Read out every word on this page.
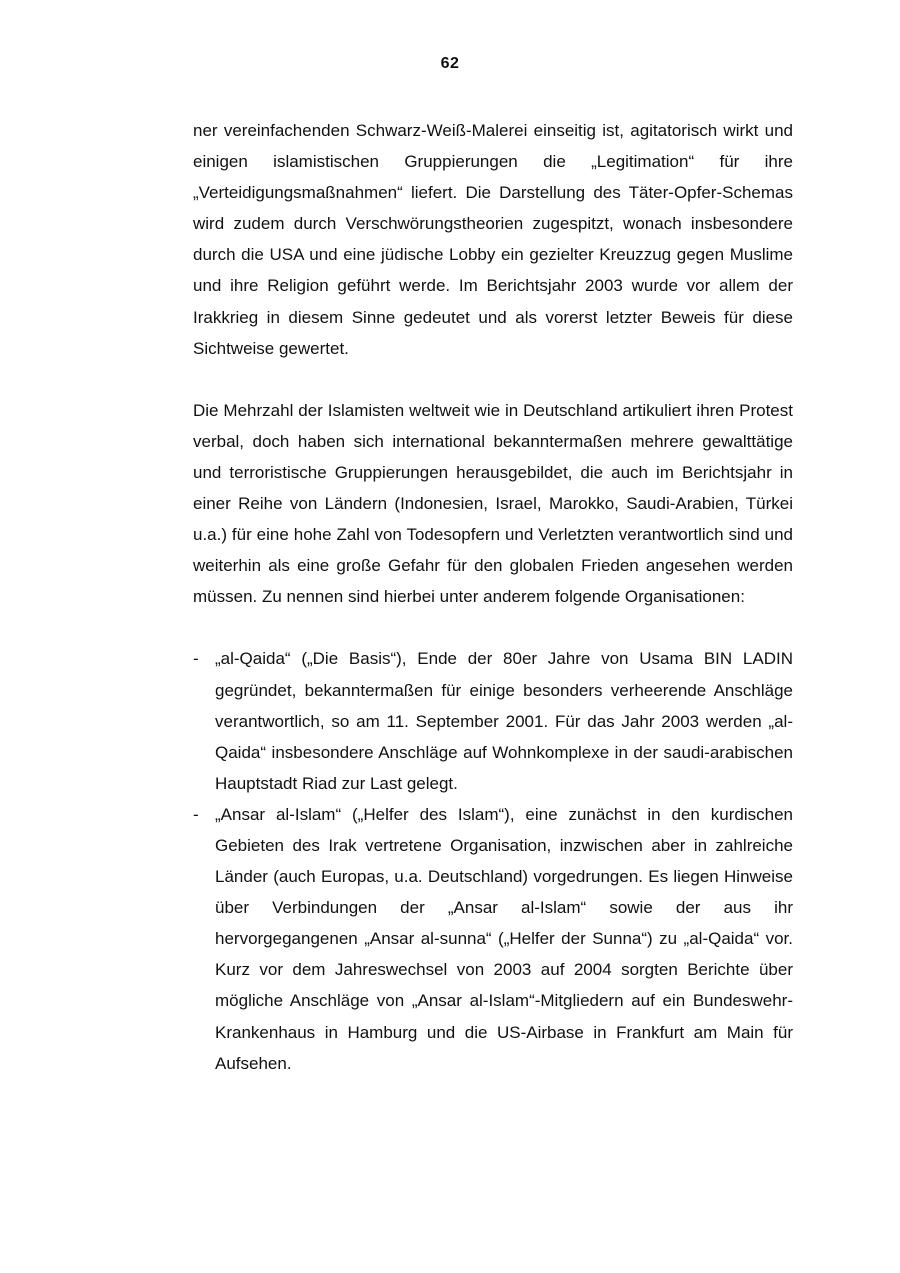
62

ner vereinfachenden Schwarz-Weiß-Malerei einseitig ist, agitatorisch wirkt und einigen islamistischen Gruppierungen die „Legitimation“ für ihre „Verteidigungsmaßnahmen“ liefert. Die Darstellung des Täter-Opfer-Schemas wird zudem durch Verschwörungstheorien zugespitzt, wonach insbesondere durch die USA und eine jüdische Lobby ein gezielter Kreuzzug gegen Muslime und ihre Religion geführt werde. Im Berichtsjahr 2003 wurde vor allem der Irakkrieg in diesem Sinne gedeutet und als vorerst letzter Beweis für diese Sichtweise gewertet.

Die Mehrzahl der Islamisten weltweit wie in Deutschland artikuliert ihren Protest verbal, doch haben sich international bekanntermaßen mehrere gewalttätige und terroristische Gruppierungen herausgebildet, die auch im Berichtsjahr in einer Reihe von Ländern (Indonesien, Israel, Marokko, Saudi-Arabien, Türkei u.a.) für eine hohe Zahl von Todesopfern und Verletzten verantwortlich sind und weiterhin als eine große Gefahr für den globalen Frieden angesehen werden müssen. Zu nennen sind hierbei unter anderem folgende Organisationen:

- „al-Qaida“ („Die Basis“), Ende der 80er Jahre von Usama BIN LADIN gegründet, bekanntermaßen für einige besonders verheerende Anschläge verantwortlich, so am 11. September 2001. Für das Jahr 2003 werden „al-Qaida“ insbesondere Anschläge auf Wohnkomplexe in der saudi-arabischen Hauptstadt Riad zur Last gelegt.
- „Ansar al-Islam“ („Helfer des Islam“), eine zunächst in den kurdischen Gebieten des Irak vertretene Organisation, inzwischen aber in zahlreiche Länder (auch Europas, u.a. Deutschland) vorgedrungen. Es liegen Hinweise über Verbindungen der „Ansar al-Islam“ sowie der aus ihr hervorgegangenen „Ansar al-sunna“ („Helfer der Sunna“) zu „al-Qaida“ vor. Kurz vor dem Jahreswechsel von 2003 auf 2004 sorgten Berichte über mögliche Anschläge von „Ansar al-Islam“-Mitgliedern auf ein Bundeswehr-Krankenhaus in Hamburg und die US-Airbase in Frankfurt am Main für Aufsehen.
